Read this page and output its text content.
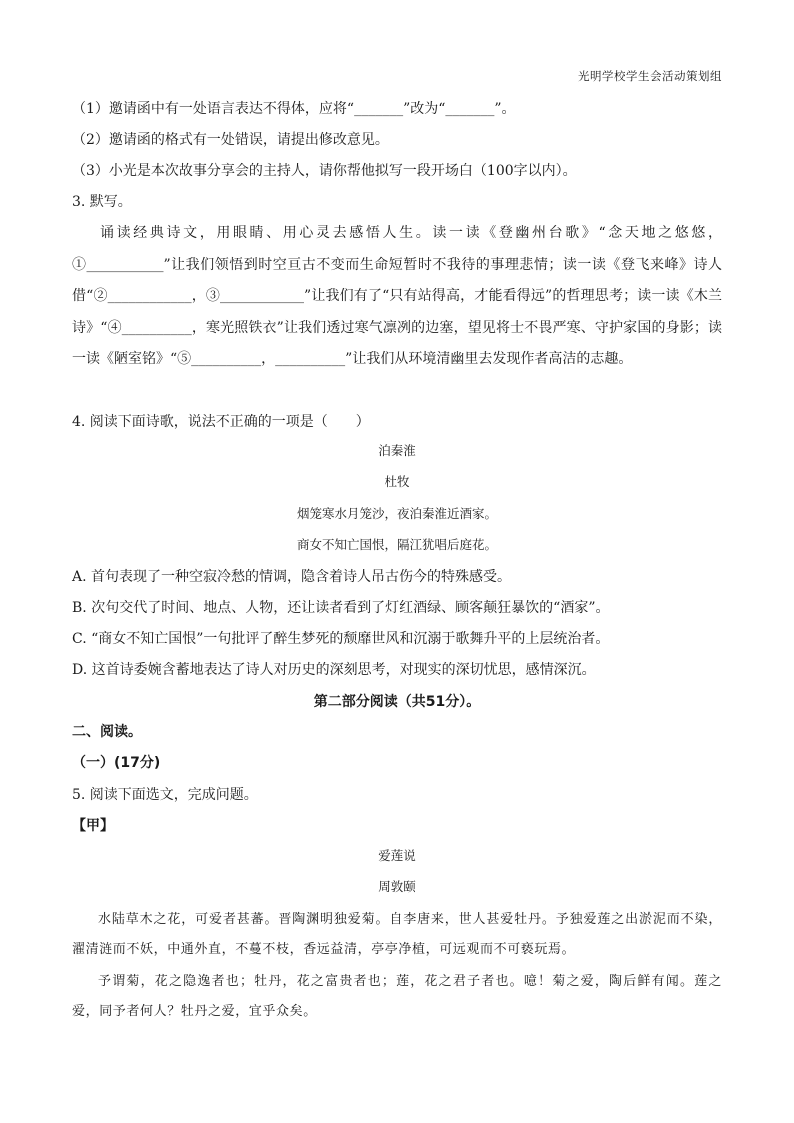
光明学校学生会活动策划组
（1）邀请函中有一处语言表达不得体，应将“_______”改为“_______”。
（2）邀请函的格式有一处错误，请提出修改意见。
（3）小光是本次故事分享会的主持人，请你帮他拟写一段开场白（100字以内）。
3. 默写。
诵读经典诗文，用眼睛、用心灵去感悟人生。读一读《登幽州台歌》“念天地之悠悠，①___________”让我们领悟到时空亘古不变而生命短暂时不我待的事理悲情；读一读《登飞来峰》诗人借“②____________，③____________”让我们有了“只有站得高，才能看得远”的哲理思考；读一读《木兰诗》“④__________，寒光照铁衣”让我们透过寒气凛冽的边塞，望见将士不畏严寒、守护家国的身影；读一读《陋室铭》“⑤__________，__________”让我们从环境清幽里去发现作者高洁的志趣。
4. 阅读下面诗歌，说法不正确的一项是（　　）
泊秦淮
杜牧
烟笼寒水月笼沙，夜泊秦淮近酒家。
商女不知亡国恨，隔江犹唱后庭花。
A. 首句表现了一种空寂冷愁的情调，隐含着诗人吊古伤今的特殊感受。
B. 次句交代了时间、地点、人物，还让读者看到了灯红酒绿、顾客颠狂暴饮的“酒家”。
C. “商女不知亡国恨”一句批评了醉生梦死的颓靡世风和沉溺于歌舞升平的上层统治者。
D. 这首诗委婉含蓄地表达了诗人对历史的深刻思考，对现实的深切忧思，感情深沉。
第二部分阅读（共51分）。
二、阅读。
（一）(17分)
5. 阅读下面选文，完成问题。
【甲】
爱莲说
周敦颐
水陆草木之花，可爱者甚蕃。晋陶渊明独爱菊。自李唐来，世人甚爱牡丹。予独爱莲之出淤泥而不染，濯清涟而不妖，中通外直，不蔓不枝，香远益清，亭亭净植，可远观而不可亵玩焉。
予谓菊，花之隐逸者也；牡丹，花之富贵者也；莲，花之君子者也。噫！菊之爱，陶后鲜有闻。莲之爱，同予者何人？牡丹之爱，宜乎众矣。
